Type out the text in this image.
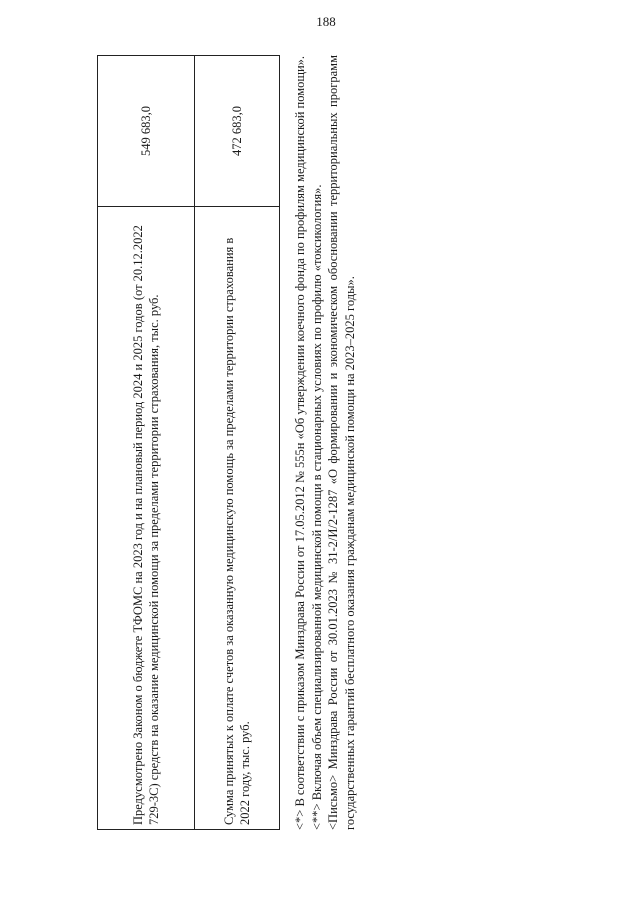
188
Предусмотрено Законом о бюджете ТФОМС на 2023 год и на плановый период 2024 и 2025 годов (от 20.12.2022 729-3С) средств на оказание медицинской помощи за пределами территории страхования, тыс. руб.	549 683,0
Сумма принятых к оплате счетов за оказанную медицинскую помощь за пределами территории страхования в 2022 году, тыс. руб.	472 683,0	<*> В соответствии с приказом Минздрава России от 17.05.2012 № 555н «Об утверждении коечного фонда по профилям медицинской помощи». <**> Включая объем специализированной медицинской помощи в стационарных условиях по профилю «токсикология». <Письмо> Минздрава России от 30.01.2023 № 31-2/И/2-1287 «О формировании и экономическом обосновании территориальных программ государственных гарантий бесплатного оказания гражданам медицинской помощи на 2023–2025 годы».
